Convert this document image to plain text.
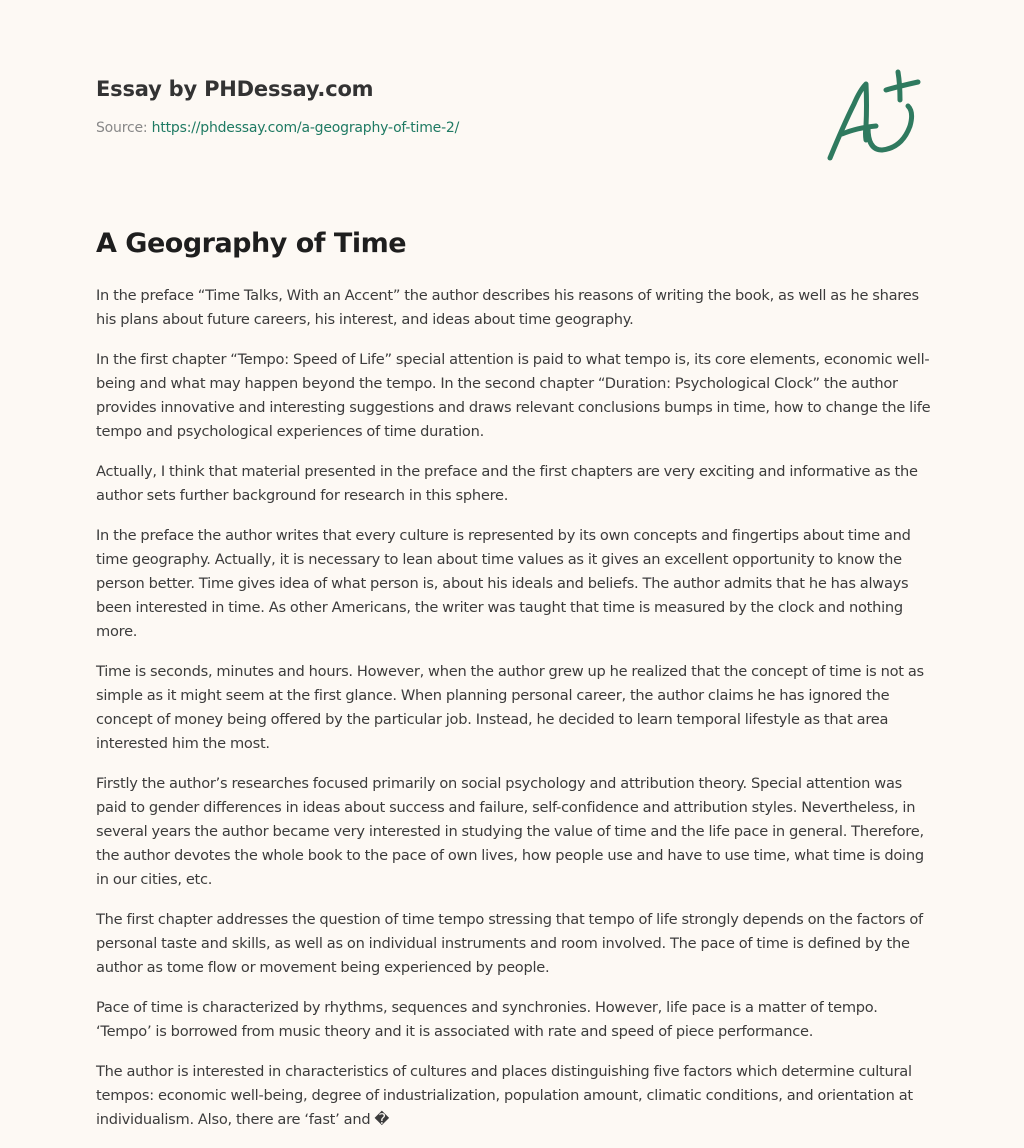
Essay by PHDessay.com
Source: https://phdessay.com/a-geography-of-time-2/
A Geography of Time

In the preface “Time Talks, With an Accent” the author describes his reasons of writing the book, as well as he shares his plans about future careers, his interest, and ideas about time geography.

In the first chapter “Tempo: Speed of Life” special attention is paid to what tempo is, its core elements, economic well-being and what may happen beyond the tempo. In the second chapter “Duration: Psychological Clock” the author provides innovative and interesting suggestions and draws relevant conclusions bumps in time, how to change the life tempo and psychological experiences of time duration.

Actually, I think that material presented in the preface and the first chapters are very exciting and informative as the author sets further background for research in this sphere.

In the preface the author writes that every culture is represented by its own concepts and fingertips about time and time geography. Actually, it is necessary to lean about time values as it gives an excellent opportunity to know the person better. Time gives idea of what person is, about his ideals and beliefs. The author admits that he has always been interested in time. As other Americans, the writer was taught that time is measured by the clock and nothing more.

Time is seconds, minutes and hours. However, when the author grew up he realized that the concept of time is not as simple as it might seem at the first glance. When planning personal career, the author claims he has ignored the concept of money being offered by the particular job. Instead, he decided to learn temporal lifestyle as that area interested him the most.

Firstly the author’s researches focused primarily on social psychology and attribution theory. Special attention was paid to gender differences in ideas about success and failure, self-confidence and attribution styles. Nevertheless, in several years the author became very interested in studying the value of time and the life pace in general. Therefore, the author devotes the whole book to the pace of own lives, how people use and have to use time, what time is doing in our cities, etc.

The first chapter addresses the question of time tempo stressing that tempo of life strongly depends on the factors of personal taste and skills, as well as on individual instruments and room involved. The pace of time is defined by the author as tome flow or movement being experienced by people.

Pace of time is characterized by rhythms, sequences and synchronies. However, life pace is a matter of tempo. ‘Tempo’ is borrowed from music theory and it is associated with rate and speed of piece performance.

The author is interested in characteristics of cultures and places distinguishing five factors which determine cultural tempos: economic well-being, degree of industrialization, population amount, climatic conditions, and orientation at individualism. Also, there are ‘fast’ and �
